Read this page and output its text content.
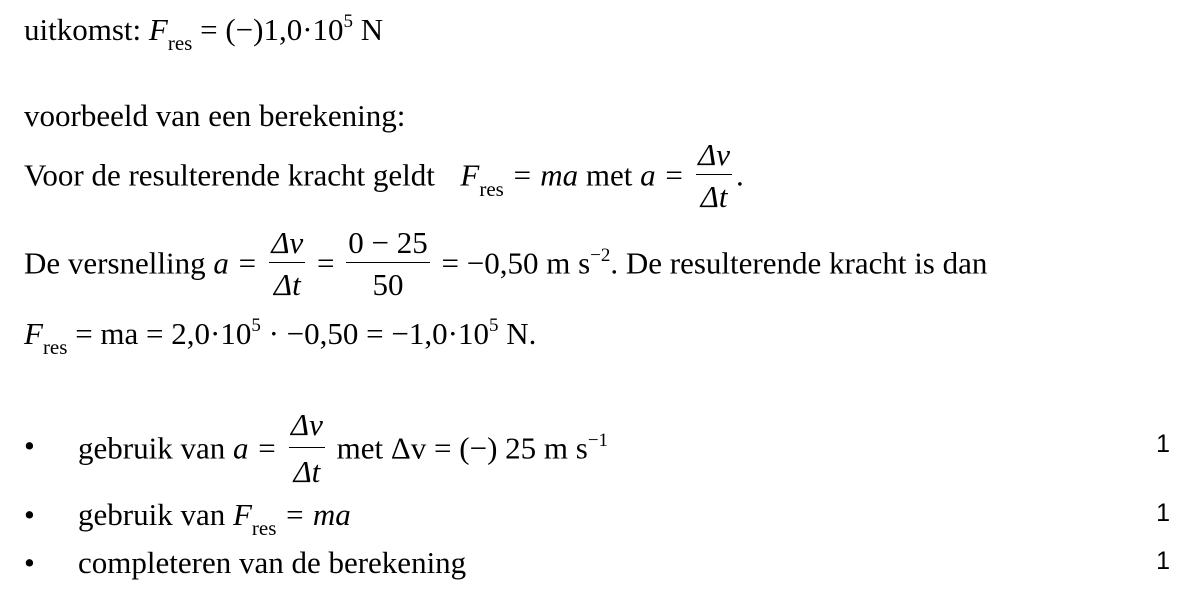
uitkomst: $F_{res} = (-)1,0\cdot 10^5$ N
voorbeeld van een berekening:
Voor de resulterende kracht geldt $F_{res}$ = ma met $a = \frac{\Delta v}{\Delta t}$ .
De versnelling $a = \frac{\Delta v}{\Delta t} = \frac{0 - 25}{50} = -0,50$ m $s^{-2}$. De resulterende kracht is dan
$F_{res}$ = ma = $2,0\cdot 10^5 \cdot -0,50 = -1,0\cdot 10^5$ N.
• gebruik van $a = \frac{\Delta v}{\Delta t}$ met Δv = (−) 25 m $s^{-1}$	1
• gebruik van $F_{res}$ = ma	1
• completeren van de berekening	1
